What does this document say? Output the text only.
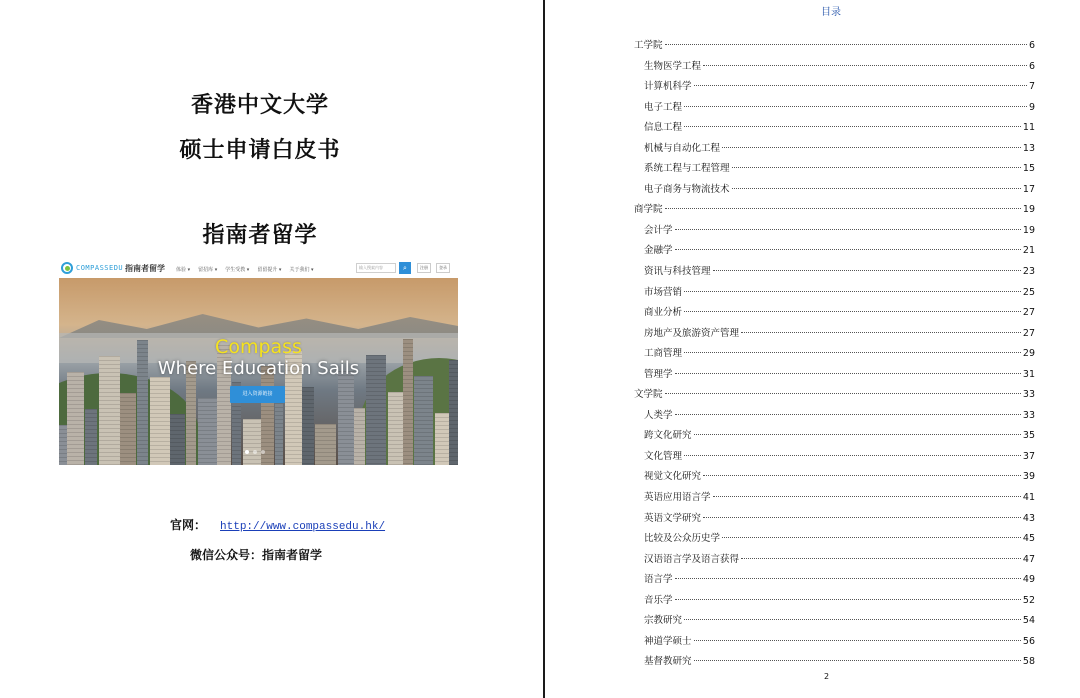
香港中文大学
硕士申请白皮书
指南者留学
COMPASSEDU 指南者留学 体验 ▾ 留招库 ▾ 学生受教 ▾ 留留提升 ▾ 关于我们 ▾	输入搜索内容	⌕	注册	登录
Compass
Where Education Sails
进入资源链接
官网： http://www.compassedu.hk/
微信公众号：指南者留学
目录
工学院	6
生物医学工程	6
计算机科学	7
电子工程	9
信息工程	11
机械与自动化工程	13
系统工程与工程管理	15
电子商务与物流技术	17
商学院	19
会计学	19
金融学	21
资讯与科技管理	23
市场营销	25
商业分析	27
房地产及旅游资产管理	27
工商管理	29
管理学	31
文学院	33
人类学	33
跨文化研究	35
文化管理	37
视觉文化研究	39
英语应用语言学	41
英语文学研究	43
比较及公众历史学	45
汉语语言学及语言获得	47
语言学	49
音乐学	52
宗教研究	54
神道学硕士	56
基督教研究	58
2
